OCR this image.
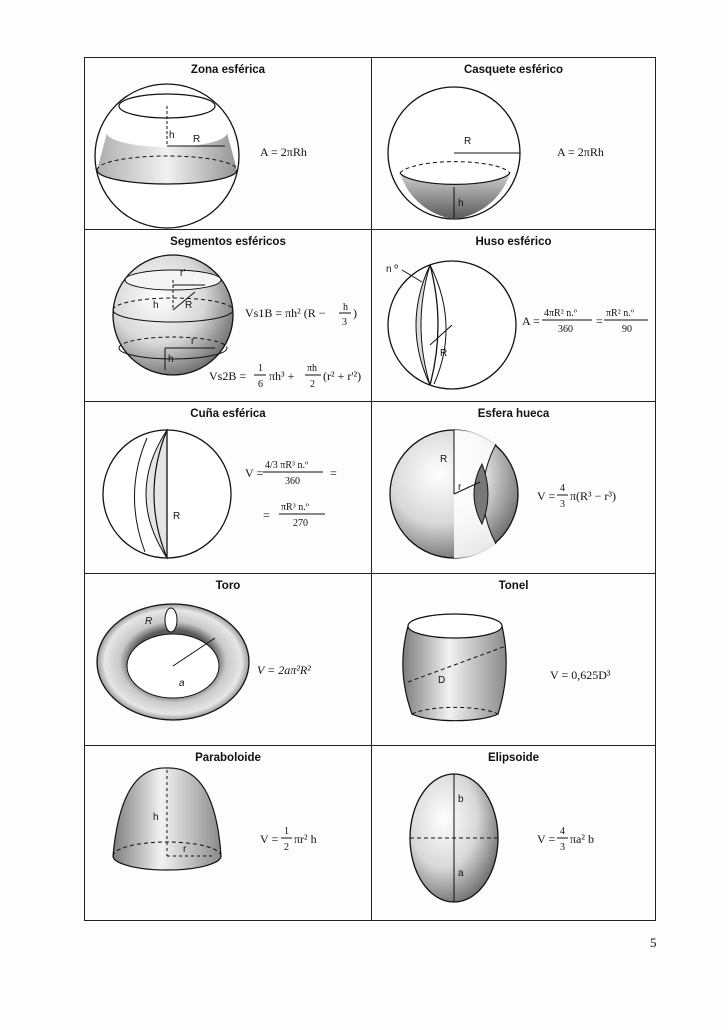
Zona esférica
h R
A = 2πRh
Casquete esférico
R
h
A = 2πRh
Segmentos esféricos
r'
h	R
r
h
Vs1B = πh² (R − h
3
)
Vs2B =
1
6
πh³ +
πh
2
(r² + r'²)
Huso esférico
n º
R
A =
4πR² n.º
360
=
πR² n.º
90
Cuña esférica
R
V =
4/3 πR³ n.º
360
=
=
πR³ n.º
270
Esfera hueca
R
r
V =
4
3
π(R³ − r³)
Toro
R
a
V = 2aπ²R²
Tonel
D	V = 0,625D³
Paraboloide
h
r
V =
1
2
πr² h
Elipsoide
b
a
V =
4
3
πa² b
5
